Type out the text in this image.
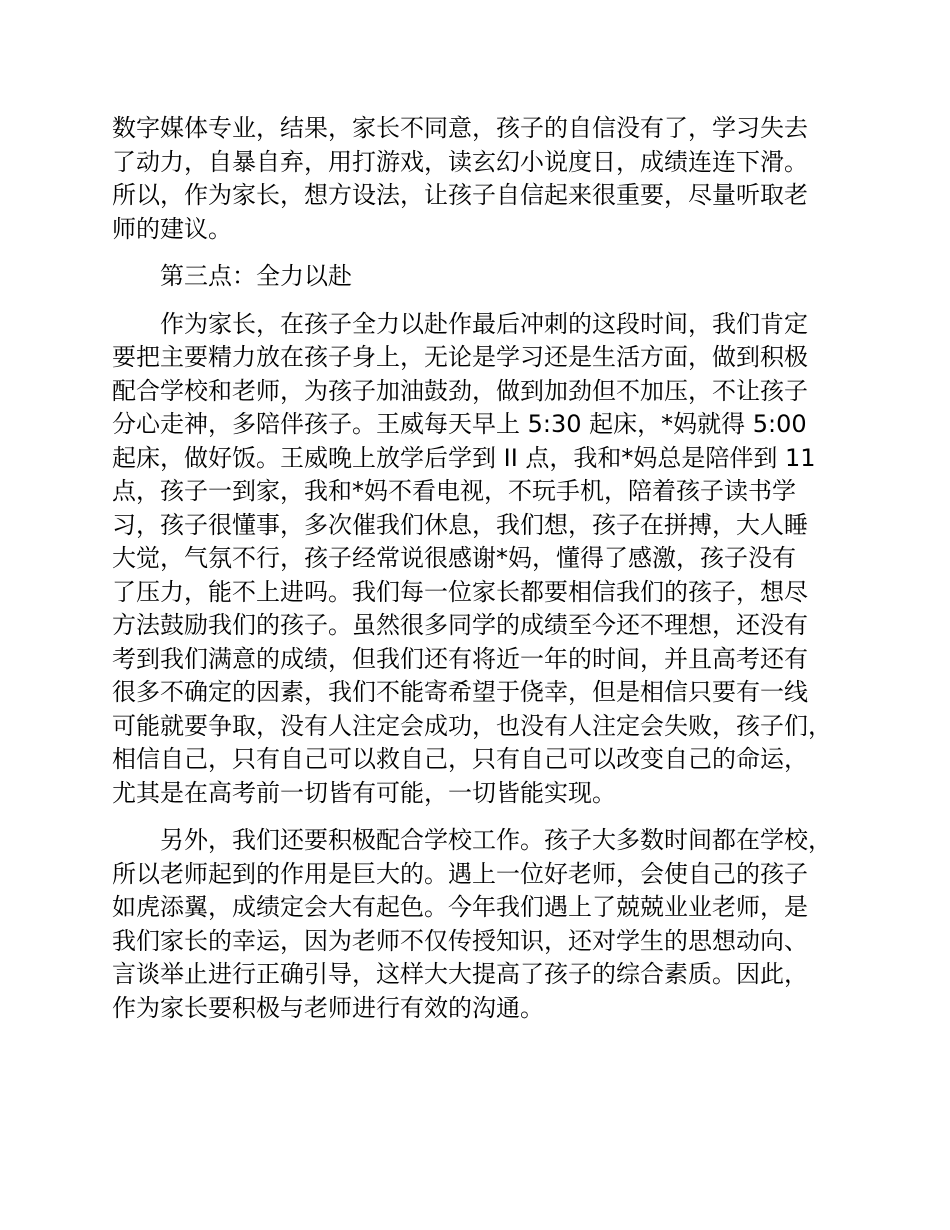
数字媒体专业，结果，家长不同意，孩子的自信没有了，学习失去
了动力，自暴自弃，用打游戏，读玄幻小说度日，成绩连连下滑。
所以，作为家长，想方设法，让孩子自信起来很重要，尽量听取老
师的建议。
第三点：全力以赴
作为家长，在孩子全力以赴作最后冲刺的这段时间，我们肯定
要把主要精力放在孩子身上，无论是学习还是生活方面，做到积极
配合学校和老师，为孩子加油鼓劲，做到加劲但不加压，不让孩子
分心走神，多陪伴孩子。王威每天早上 5:30 起床，*妈就得 5:00
起床，做好饭。王威晚上放学后学到 II 点，我和*妈总是陪伴到 11
点，孩子一到家，我和*妈不看电视，不玩手机，陪着孩子读书学
习，孩子很懂事，多次催我们休息，我们想，孩子在拼搏，大人睡
大觉，气氛不行，孩子经常说很感谢*妈，懂得了感激，孩子没有
了压力，能不上进吗。我们每一位家长都要相信我们的孩子，想尽
方法鼓励我们的孩子。虽然很多同学的成绩至今还不理想，还没有
考到我们满意的成绩，但我们还有将近一年的时间，并且高考还有
很多不确定的因素，我们不能寄希望于侥幸，但是相信只要有一线
可能就要争取，没有人注定会成功，也没有人注定会失败，孩子们，
相信自己，只有自己可以救自己，只有自己可以改变自己的命运，
尤其是在高考前一切皆有可能，一切皆能实现。
另外，我们还要积极配合学校工作。孩子大多数时间都在学校，
所以老师起到的作用是巨大的。遇上一位好老师，会使自己的孩子
如虎添翼，成绩定会大有起色。今年我们遇上了兢兢业业老师，是
我们家长的幸运，因为老师不仅传授知识，还对学生的思想动向、
言谈举止进行正确引导，这样大大提高了孩子的综合素质。因此，
作为家长要积极与老师进行有效的沟通。
